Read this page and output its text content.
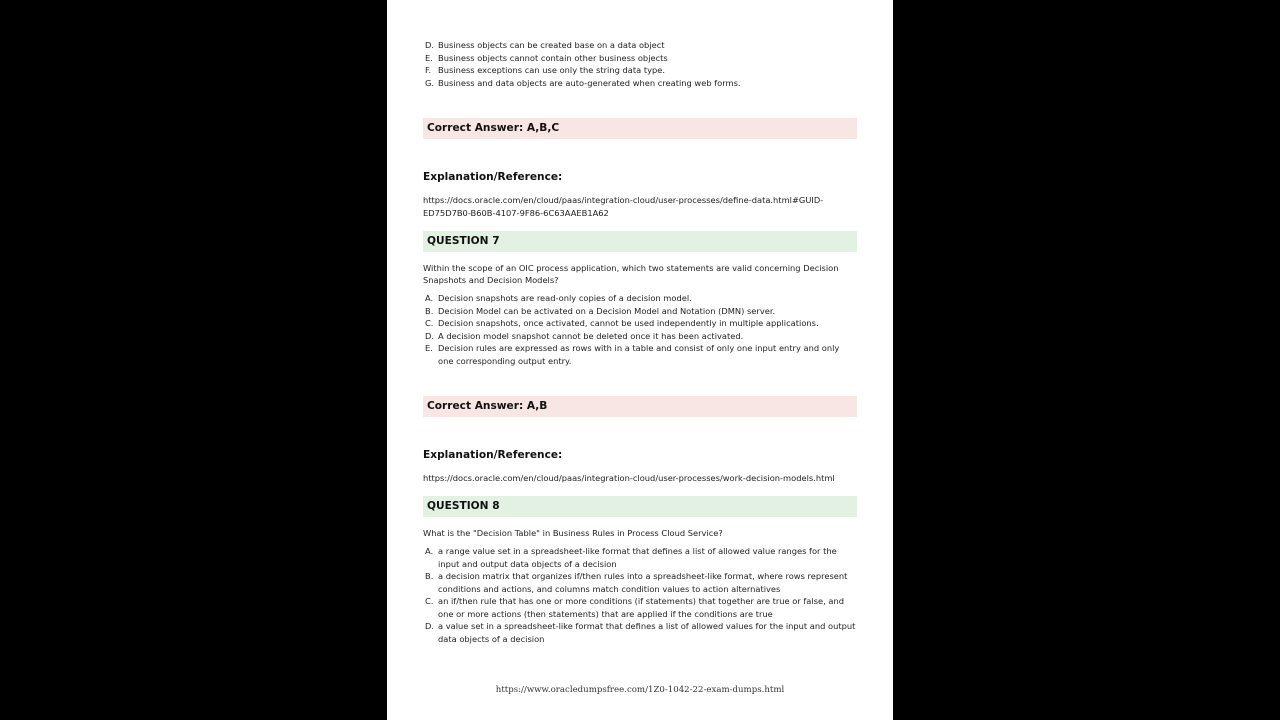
D. Business objects can be created base on a data object
E. Business objects cannot contain other business objects
F. Business exceptions can use only the string data type.
G. Business and data objects are auto-generated when creating web forms.
Correct Answer: A,B,C
Explanation/Reference:
https://docs.oracle.com/en/cloud/paas/integration-cloud/user-processes/define-data.html#GUID-
ED75D7B0-B60B-4107-9F86-6C63AAEB1A62
QUESTION 7
Within the scope of an OIC process application, which two statements are valid concerning Decision
Snapshots and Decision Models?
A. Decision snapshots are read-only copies of a decision model.
B. Decision Model can be activated on a Decision Model and Notation (DMN) server.
C. Decision snapshots, once activated, cannot be used independently in multiple applications.
D. A decision model snapshot cannot be deleted once it has been activated.
E. Decision rules are expressed as rows with in a table and consist of only one input entry and only one corresponding output entry.
Correct Answer: A,B
Explanation/Reference:
https://docs.oracle.com/en/cloud/paas/integration-cloud/user-processes/work-decision-models.html
QUESTION 8
What is the "Decision Table" in Business Rules in Process Cloud Service?
A. a range value set in a spreadsheet-like format that defines a list of allowed value ranges for the input and output data objects of a decision
B. a decision matrix that organizes if/then rules into a spreadsheet-like format, where rows represent conditions and actions, and columns match condition values to action alternatives
C. an if/then rule that has one or more conditions (if statements) that together are true or false, and one or more actions (then statements) that are applied if the conditions are true
D. a value set in a spreadsheet-like format that defines a list of allowed values for the input and output data objects of a decision
https://www.oracledumpsfree.com/1Z0-1042-22-exam-dumps.html
